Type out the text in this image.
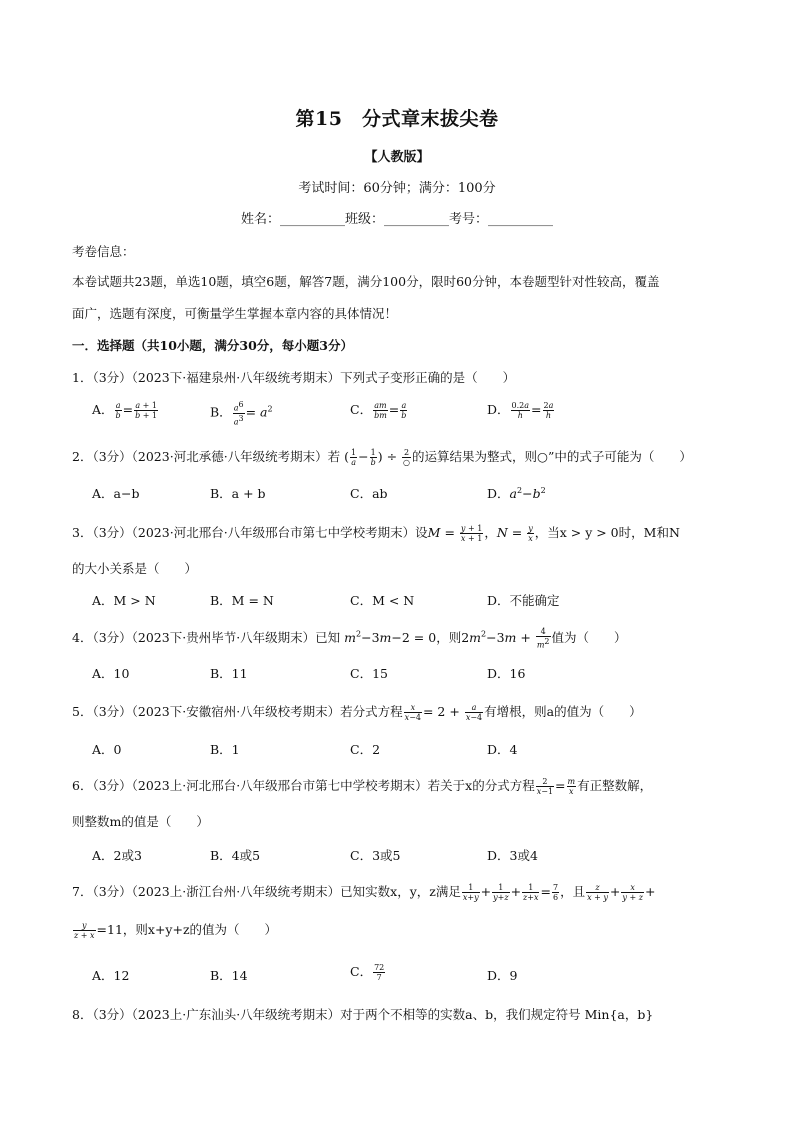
第15　分式章末拔尖卷
【人教版】
考试时间：60分钟；满分：100分
姓名：__________班级：__________考号：__________
考卷信息：
本卷试题共23题，单选10题，填空6题，解答7题，满分100分，限时60分钟，本卷题型针对性较高，覆盖
面广，选题有深度，可衡量学生掌握本章内容的具体情况！
一．选择题（共10小题，满分30分，每小题3分）
1．（3分）（2023下·福建泉州·八年级统考期末）下列式子变形正确的是（　　）
A． $\frac{a}{b} = \frac{a + 1}{b + 1}$	B． $\frac{a^6}{a^3} = a^2$	C． $\frac{am}{bm} = \frac{a}{b}$	D． $\frac{0.2a}{h} = \frac{2a}{h}$
2．（3分）（2023·河北承德·八年级统考期末）若 ( $\frac{1}{a} - \frac{1}{b}$ ) ÷ $\frac{2}{○}$ 的运算结果为整式，则○”中的式子可能为（　　）
A．a−b	B．a + b	C．ab	D．$a^2-b^2$
3．（3分）（2023·河北邢台·八年级邢台市第七中学校考期末）设$M = \frac{y + 1}{x + 1}$ ，$N = \frac{y}{x}$ ，当x > y > 0时，M和N
的大小关系是（　　）
A．M > N	B．M = N	C．M < N	D．不能确定
4．（3分）（2023下·贵州毕节·八年级期末）已知 $m^2-3m-2 = 0$，则$2m^2-3m + \frac{4}{m^2}$ 值为（　　）
A．10	B．11	C．15	D．16
5．（3分）（2023下·安徽宿州·八年级校考期末）若分式方程 $\frac{x}{x-4} = 2 + \frac{a}{x-4}$ 有增根，则a的值为（　　）
A．0	B．1	C．2	D．4
6．（3分）（2023上·河北邢台·八年级邢台市第七中学校考期末）若关于x的分式方程 $\frac{2}{x-1} = \frac{m}{x}$ 有正整数解，
则整数m的值是（　　）
A．2或3	B．4或5	C．3或5	D．3或4
7．（3分）（2023上·浙江台州·八年级统考期末）已知实数x，y，z满足 $\frac{1}{x+y} + \frac{1}{y+z} + \frac{1}{z+x} = \frac{7}{6}$ ，且 $\frac{z}{x + y} + \frac{x}{y + z}$ +
$\frac{y}{z + x} =11$，则x+y+z的值为（　　）
A．12	B．14	C． $\frac{72}{7}$	D．9
8．（3分）（2023上·广东汕头·八年级统考期末）对于两个不相等的实数a、b，我们规定符号 Min{a，b}
